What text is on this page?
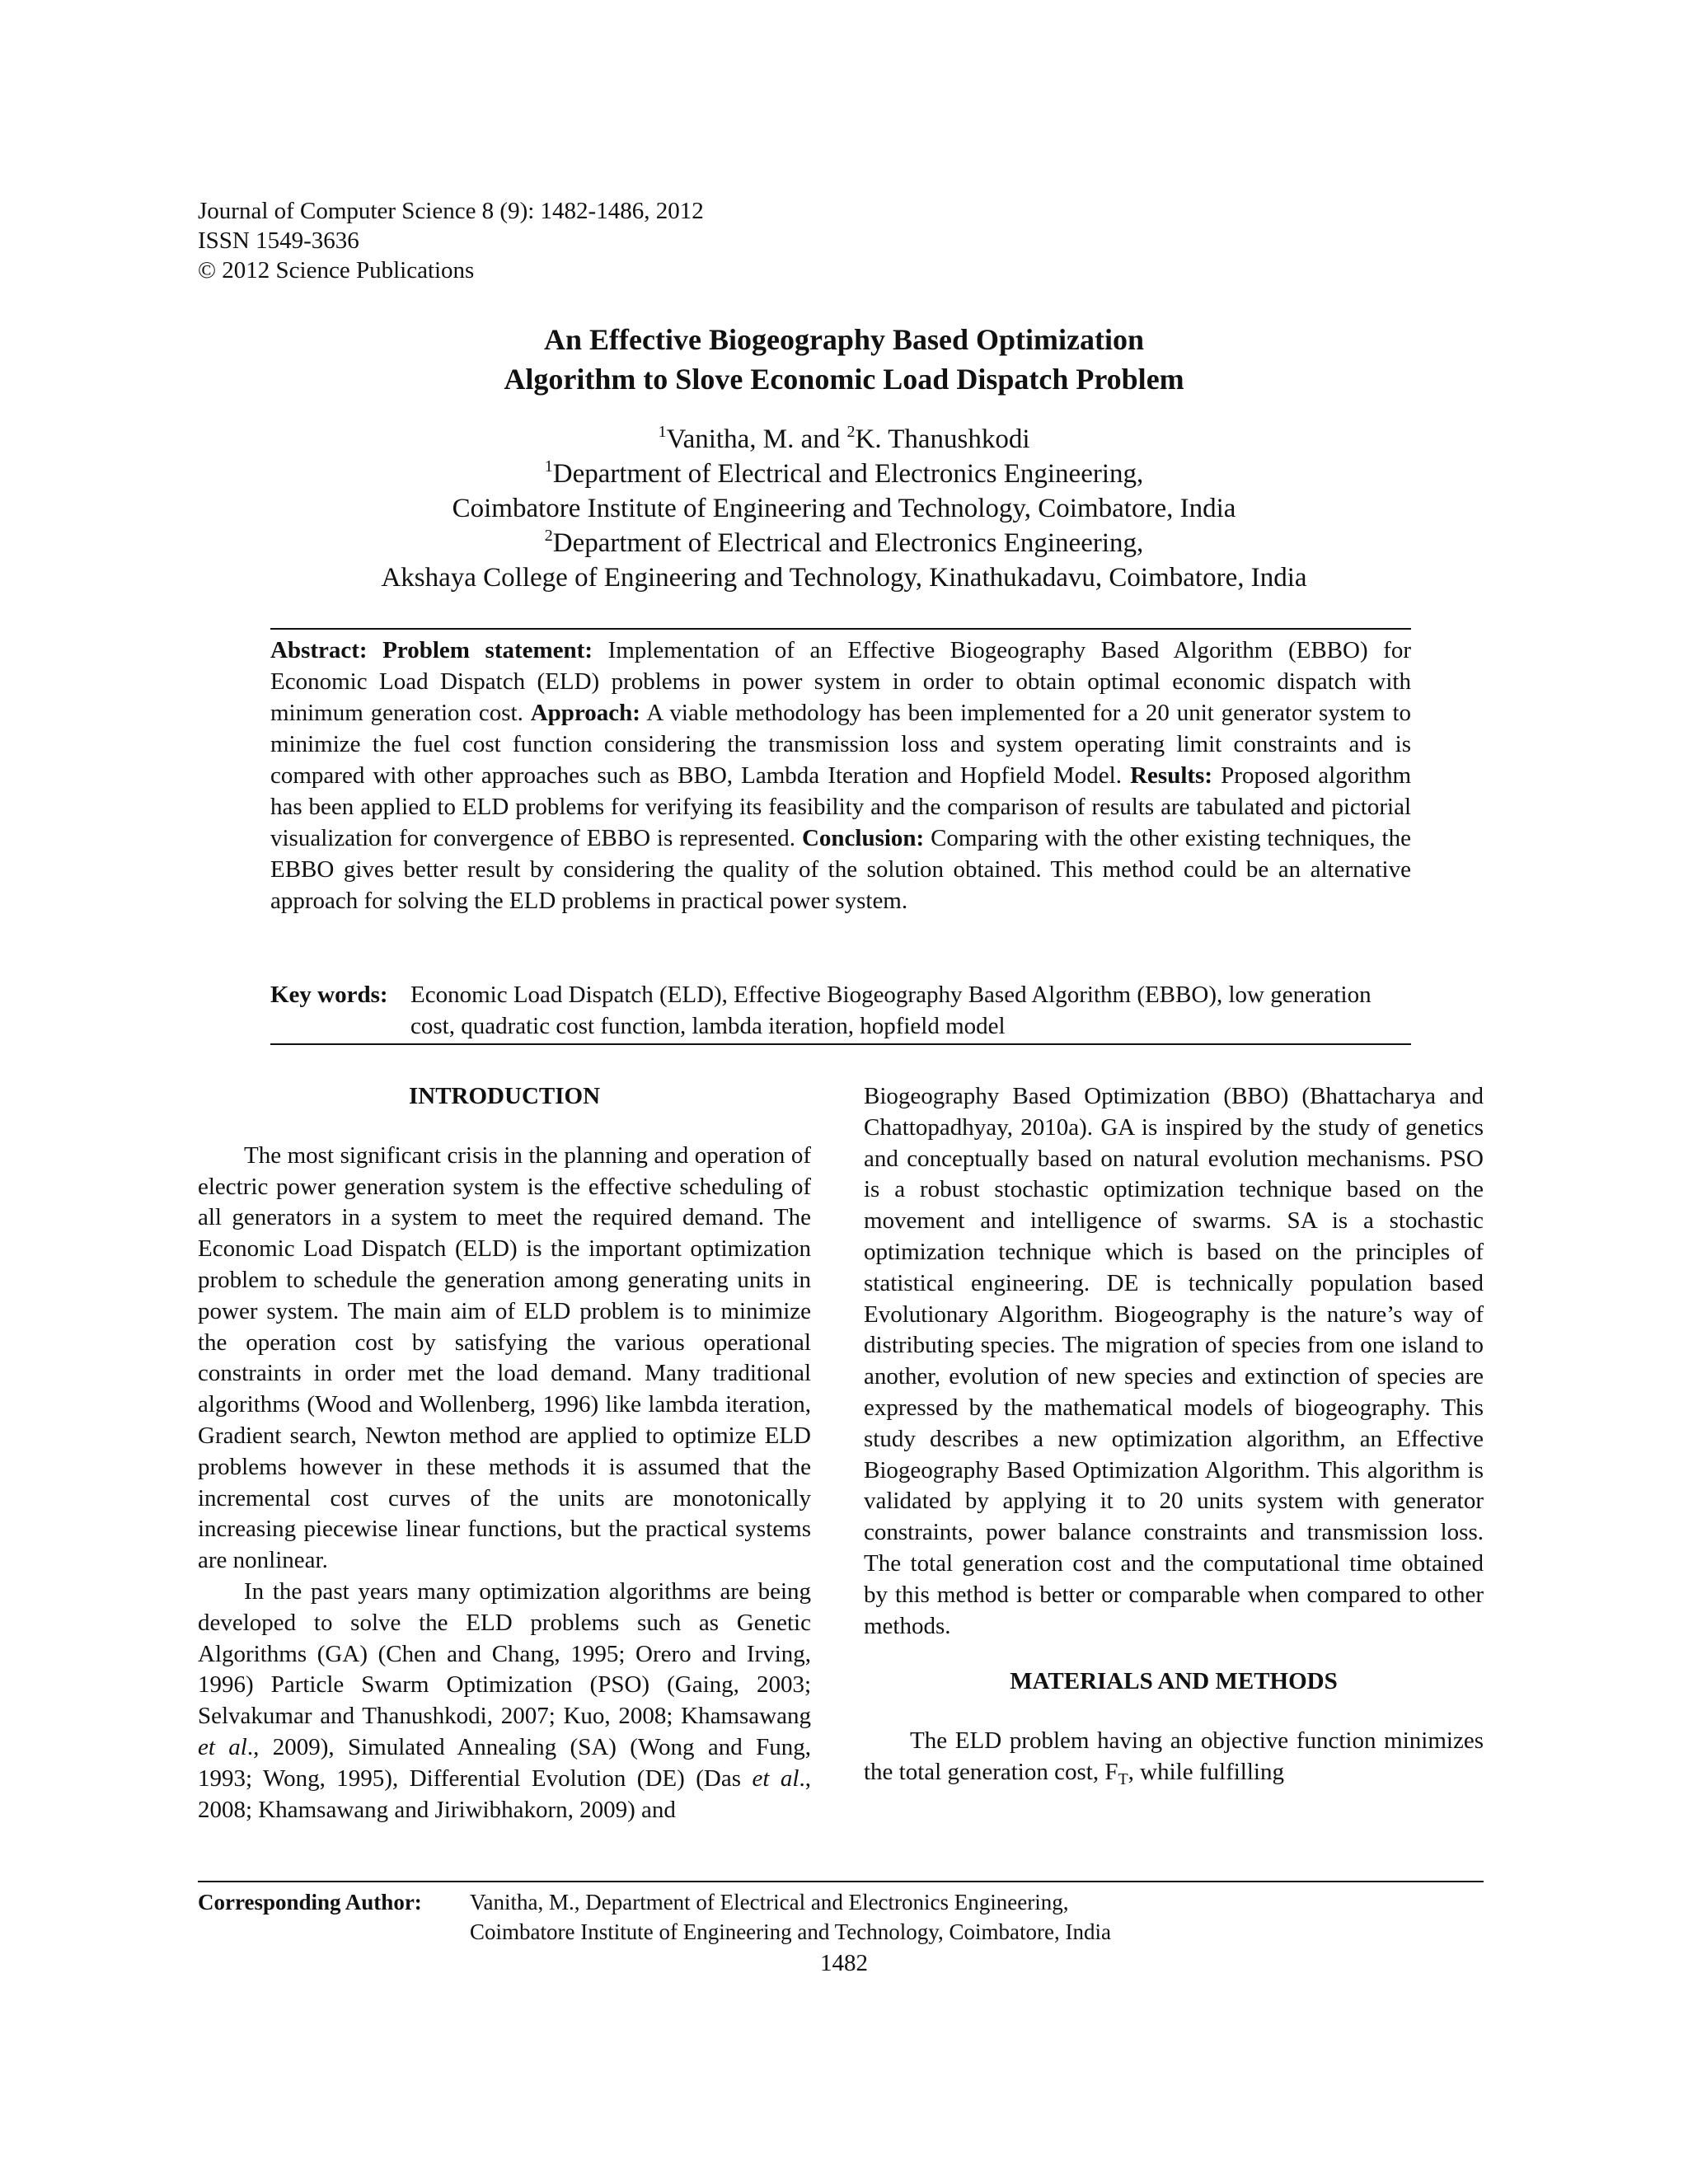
Journal of Computer Science 8 (9): 1482-1486, 2012
ISSN 1549-3636
© 2012 Science Publications
An Effective Biogeography Based Optimization
Algorithm to Slove Economic Load Dispatch Problem
$^1$Vanitha, M. and $^2$K. Thanushkodi
$^1$Department of Electrical and Electronics Engineering,
Coimbatore Institute of Engineering and Technology, Coimbatore, India
$^2$Department of Electrical and Electronics Engineering,
Akshaya College of Engineering and Technology, Kinathukadavu, Coimbatore, India

Abstract: Problem statement: Implementation of an Effective Biogeography Based Algorithm (EBBO) for Economic Load Dispatch (ELD) problems in power system in order to obtain optimal economic dispatch with minimum generation cost. Approach: A viable methodology has been implemented for a 20 unit generator system to minimize the fuel cost function considering the transmission loss and system operating limit constraints and is compared with other approaches such as BBO, Lambda Iteration and Hopfield Model. Results: Proposed algorithm has been applied to ELD problems for verifying its feasibility and the comparison of results are tabulated and pictorial visualization for convergence of EBBO is represented. Conclusion: Comparing with the other existing techniques, the EBBO gives better result by considering the quality of the solution obtained. This method could be an alternative approach for solving the ELD problems in practical power system.

Key words: Economic Load Dispatch (ELD), Effective Biogeography Based Algorithm (EBBO), low generation cost, quadratic cost function, lambda iteration, hopfield model
INTRODUCTION

The most significant crisis in the planning and operation of electric power generation system is the effective scheduling of all generators in a system to meet the required demand. The Economic Load Dispatch (ELD) is the important optimization problem to schedule the generation among generating units in power system. The main aim of ELD problem is to minimize the operation cost by satisfying the various operational constraints in order met the load demand. Many traditional algorithms (Wood and Wollenberg, 1996) like lambda iteration, Gradient search, Newton method are applied to optimize ELD problems however in these methods it is assumed that the incremental cost curves of the units are monotonically increasing piecewise linear functions, but the practical systems are nonlinear.

In the past years many optimization algorithms are being developed to solve the ELD problems such as Genetic Algorithms (GA) (Chen and Chang, 1995; Orero and Irving, 1996) Particle Swarm Optimization (PSO) (Gaing, 2003; Selvakumar and Thanushkodi, 2007; Kuo, 2008; Khamsawang et al., 2009), Simulated Annealing (SA) (Wong and Fung, 1993; Wong, 1995), Differential Evolution (DE) (Das et al., 2008; Khamsawang and Jiriwibhakorn, 2009) and

Biogeography Based Optimization (BBO) (Bhattacharya and Chattopadhyay, 2010a). GA is inspired by the study of genetics and conceptually based on natural evolution mechanisms. PSO is a robust stochastic optimization technique based on the movement and intelligence of swarms. SA is a stochastic optimization technique which is based on the principles of statistical engineering. DE is technically population based Evolutionary Algorithm. Biogeography is the nature’s way of distributing species. The migration of species from one island to another, evolution of new species and extinction of species are expressed by the mathematical models of biogeography. This study describes a new optimization algorithm, an Effective Biogeography Based Optimization Algorithm. This algorithm is validated by applying it to 20 units system with generator constraints, power balance constraints and transmission loss. The total generation cost and the computational time obtained by this method is better or comparable when compared to other methods.

MATERIALS AND METHODS

The ELD problem having an objective function minimizes the total generation cost, $F_T$, while fulfilling

Corresponding Author:	Vanitha, M., Department of Electrical and Electronics Engineering,
Coimbatore Institute of Engineering and Technology, Coimbatore, India
1482
